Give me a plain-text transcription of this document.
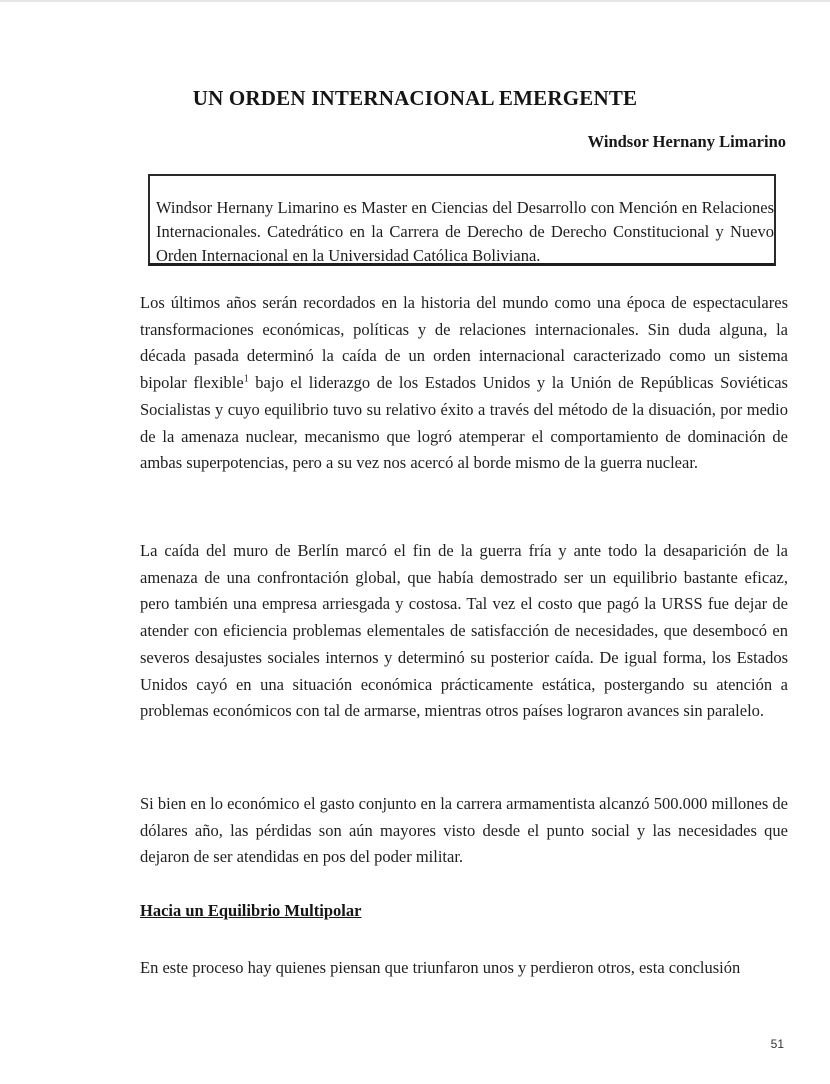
UN ORDEN INTERNACIONAL EMERGENTE

Windsor Hernany Limarino

Windsor Hernany Limarino es Master en Ciencias del Desarrollo con Mención en Relaciones Internacionales. Catedrático en la Carrera de Derecho de Derecho Constitucional y Nuevo Orden Internacional en la Universidad Católica Boliviana.

Los últimos años serán recordados en la historia del mundo como una época de espectaculares transformaciones económicas, políticas y de relaciones internacionales. Sin duda alguna, la década pasada determinó la caída de un orden internacional caracterizado como un sistema bipolar flexible$^1$ bajo el liderazgo de los Estados Unidos y la Unión de Repúblicas Soviéticas Socialistas y cuyo equilibrio tuvo su relativo éxito a través del método de la disuación, por medio de la amenaza nuclear, mecanismo que logró atemperar el comportamiento de dominación de ambas superpotencias, pero a su vez nos acercó al borde mismo de la guerra nuclear.

La caída del muro de Berlín marcó el fin de la guerra fría y ante todo la desaparición de la amenaza de una confrontación global, que había demostrado ser un equilibrio bastante eficaz, pero también una empresa arriesgada y costosa. Tal vez el costo que pagó la URSS fue dejar de atender con eficiencia problemas elementales de satisfacción de necesidades, que desembocó en severos desajustes sociales internos y determinó su posterior caída. De igual forma, los Estados Unidos cayó en una situación económica prácticamente estática, postergando su atención a problemas económicos con tal de armarse, mientras otros países lograron avances sin paralelo.

Si bien en lo económico el gasto conjunto en la carrera armamentista alcanzó 500.000 millones de dólares año, las pérdidas son aún mayores visto desde el punto social y las necesidades que dejaron de ser atendidas en pos del poder militar.

Hacia un Equilibrio Multipolar

En este proceso hay quienes piensan que triunfaron unos y perdieron otros, esta conclusión

51
